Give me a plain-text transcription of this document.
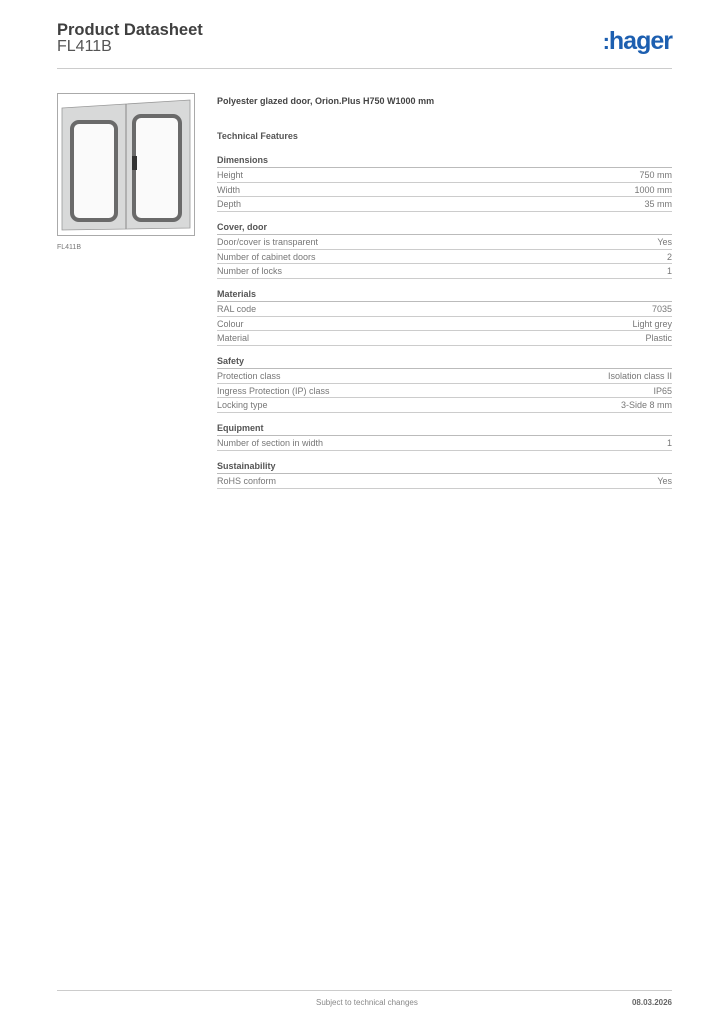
Product Datasheet
FL411B	:hager
FL411B
Polyester glazed door, Orion.Plus H750 W1000 mm
Technical Features
Dimensions
Height	750 mm
Width	1000 mm
Depth	35 mm
Cover, door
Door/cover is transparent	Yes
Number of cabinet doors	2
Number of locks	1
Materials
RAL code	7035
Colour	Light grey
Material	Plastic
Safety
Protection class	Isolation class II
Ingress Protection (IP) class	IP65
Locking type	3-Side 8 mm
Equipment
Number of section in width	1
Sustainability
RoHS conform	Yes
Subject to technical changes	08.03.2026
